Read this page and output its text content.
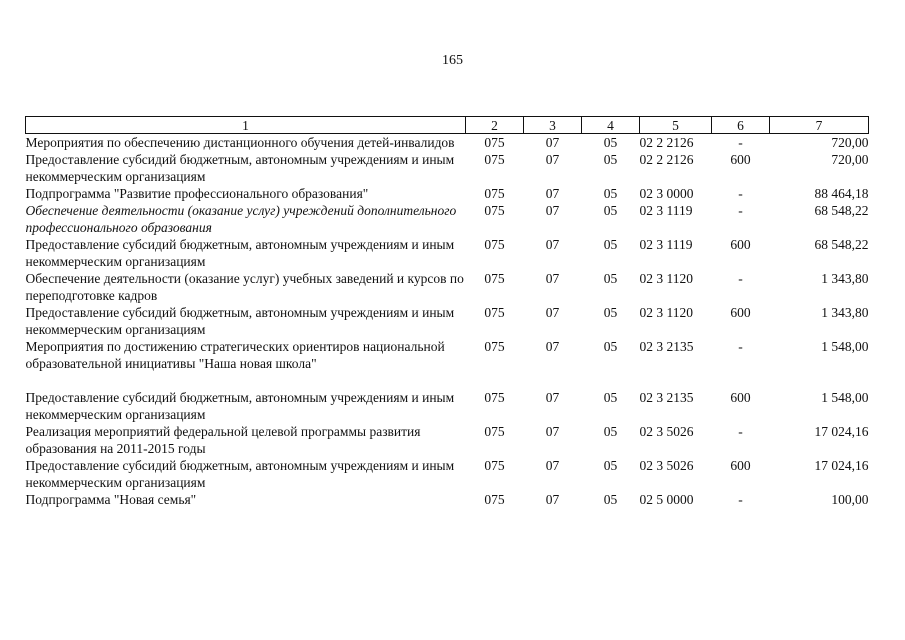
165
1	2	3	4	5	6	7
Мероприятия по обеспечению дистанционного обучения детей-инвалидов	075	07	05	02 2 2126	-	720,00
Предоставление субсидий бюджетным, автономным учреждениям и иным некоммерческим организациям	075	07	05	02 2 2126	600	720,00
Подпрограмма "Развитие профессионального образования"	075	07	05	02 3 0000	-	88 464,18
Обеспечение деятельности (оказание услуг) учреждений дополнительного профессионального образования	075	07	05	02 3 1119	-	68 548,22
Предоставление субсидий бюджетным, автономным учреждениям и иным некоммерческим организациям	075	07	05	02 3 1119	600	68 548,22
Обеспечение деятельности (оказание услуг) учебных заведений и курсов по переподготовке кадров	075	07	05	02 3 1120	-	1 343,80
Предоставление субсидий бюджетным, автономным учреждениям и иным некоммерческим организациям	075	07	05	02 3 1120	600	1 343,80
Мероприятия по достижению стратегических ориентиров национальной образовательной инициативы "Наша новая школа"	075	07	05	02 3 2135	-	1 548,00

Предоставление субсидий бюджетным, автономным учреждениям и иным некоммерческим организациям	075	07	05	02 3 2135	600	1 548,00
Реализация мероприятий федеральной целевой программы развития образования на 2011-2015 годы	075	07	05	02 3 5026	-	17 024,16
Предоставление субсидий бюджетным, автономным учреждениям и иным некоммерческим организациям	075	07	05	02 3 5026	600	17 024,16
Подпрограмма "Новая семья"	075	07	05	02 5 0000	-	100,00
